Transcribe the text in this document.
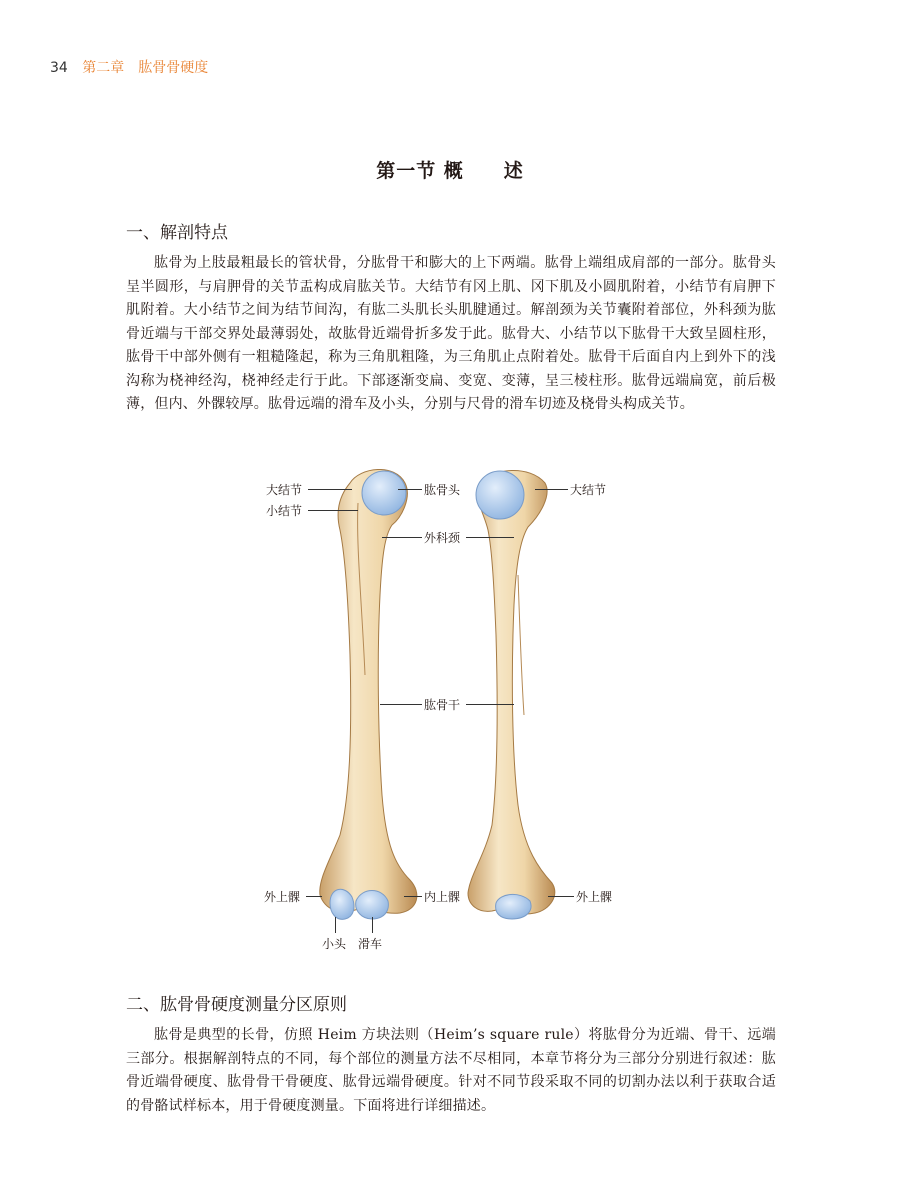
34 第二章　肱骨骨硬度
第一节 概　　述
一、解剖特点
肱骨为上肢最粗最长的管状骨，分肱骨干和膨大的上下两端。肱骨上端组成肩部的一部分。肱骨头呈半圆形，与肩胛骨的关节盂构成肩肱关节。大结节有冈上肌、冈下肌及小圆肌附着，小结节有肩胛下肌附着。大小结节之间为结节间沟，有肱二头肌长头肌腱通过。解剖颈为关节囊附着部位，外科颈为肱骨近端与干部交界处最薄弱处，故肱骨近端骨折多发于此。肱骨大、小结节以下肱骨干大致呈圆柱形，肱骨干中部外侧有一粗糙隆起，称为三角肌粗隆，为三角肌止点附着处。肱骨干后面自内上到外下的浅沟称为桡神经沟，桡神经走行于此。下部逐渐变扁、变宽、变薄，呈三棱柱形。肱骨远端扁宽，前后极薄，但内、外髁较厚。肱骨远端的滑车及小头，分别与尺骨的滑车切迹及桡骨头构成关节。
大结节
小结节
肱骨头	大结节
外科颈
肱骨干
外上髁	内上髁	外上髁
小头 滑车
二、肱骨骨硬度测量分区原则
肱骨是典型的长骨，仿照 Heim 方块法则（Heim’s square rule）将肱骨分为近端、骨干、远端三部分。根据解剖特点的不同，每个部位的测量方法不尽相同，本章节将分为三部分分别进行叙述：肱骨近端骨硬度、肱骨骨干骨硬度、肱骨远端骨硬度。针对不同节段采取不同的切割办法以利于获取合适的骨骼试样标本，用于骨硬度测量。下面将进行详细描述。
